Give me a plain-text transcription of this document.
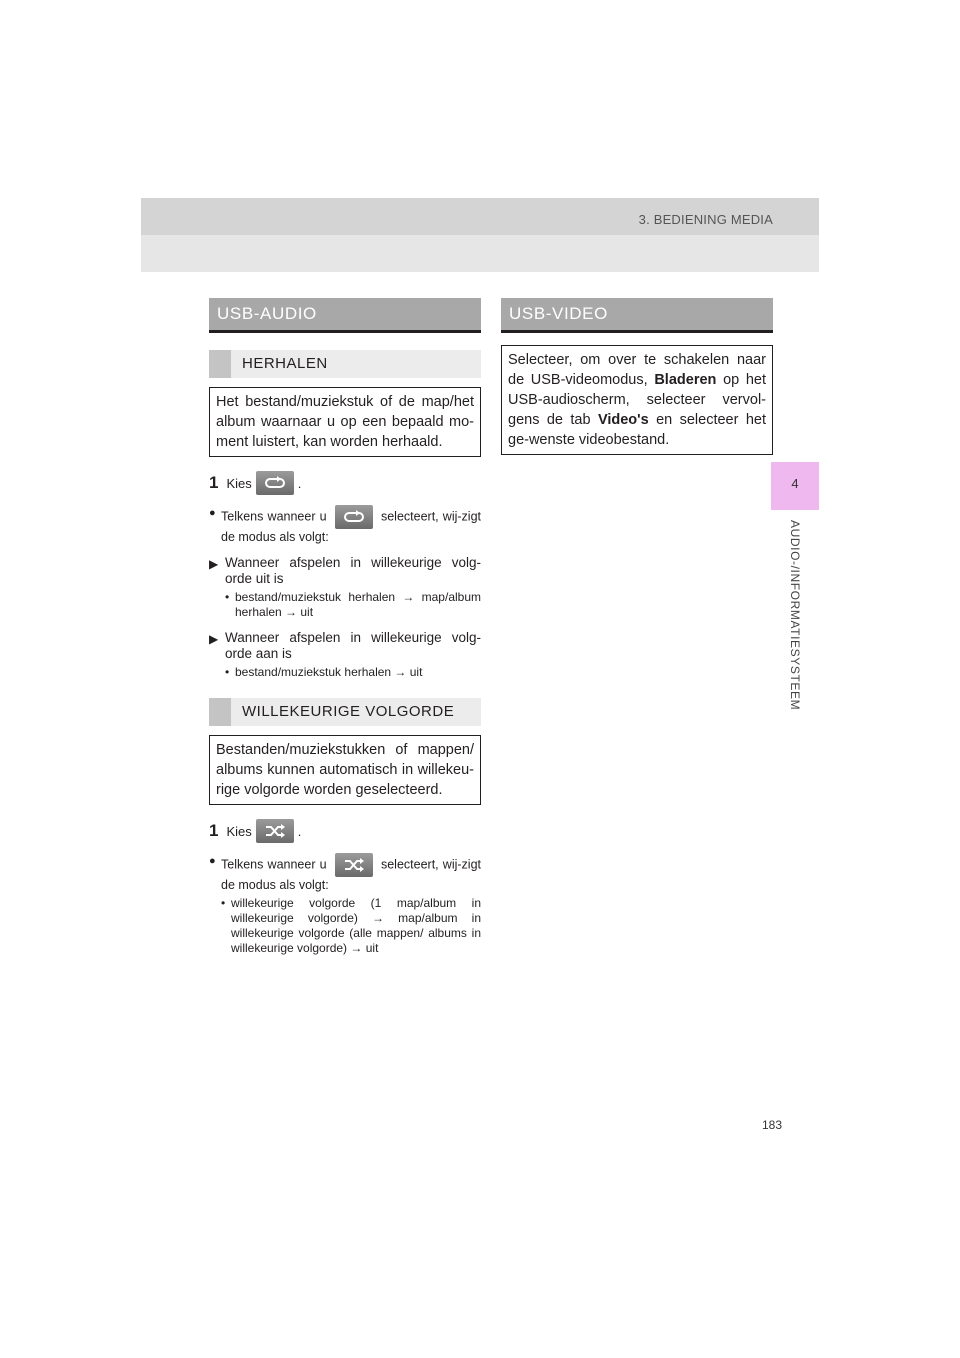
3. BEDIENING MEDIA
4
AUDIO-/INFORMATIESYSTEEM
183
USB-AUDIO
HERHALEN
Het bestand/muziekstuk of de map/het album waarnaar u op een bepaald mo-ment luistert, kan worden herhaald.
1 Kies	.
● Telkens wanneer u	selecteert, wij-zigt de modus als volgt:
▶ Wanneer afspelen in willekeurige volg-orde uit is
• bestand/muziekstuk herhalen → map/album herhalen → uit
▶ Wanneer afspelen in willekeurige volg-orde aan is
• bestand/muziekstuk herhalen → uit
WILLEKEURIGE VOLGORDE
Bestanden/muziekstukken of mappen/ albums kunnen automatisch in willekeu-rige volgorde worden geselecteerd.
1 Kies	.
● Telkens wanneer u	selecteert, wij-zigt de modus als volgt:
• willekeurige volgorde (1 map/album in willekeurige volgorde) → map/album in willekeurige volgorde (alle mappen/ albums in willekeurige volgorde) → uit
USB-VIDEO
Selecteer, om over te schakelen naar de USB-videomodus, Bladeren op het USB-audioscherm, selecteer vervol-gens de tab Video's en selecteer het ge-wenste videobestand.
